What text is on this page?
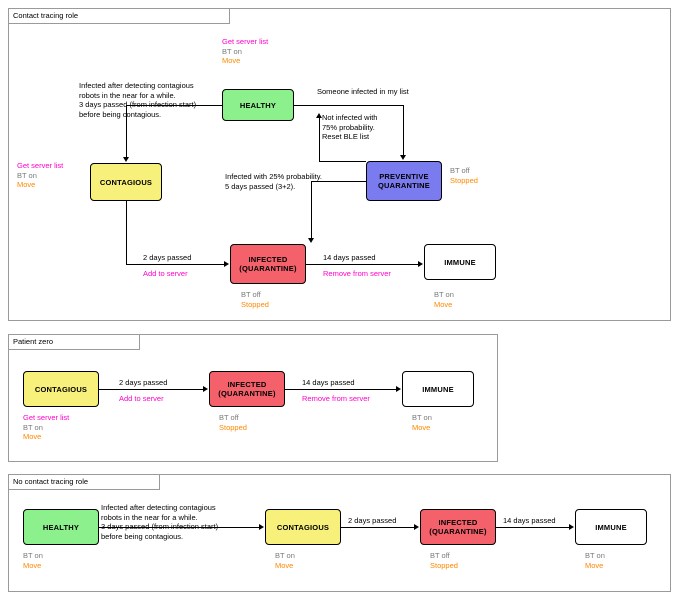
Contact tracing role
HEALTHY
Get server list
BT on
Move
CONTAGIOUS
Get server list
BT on
Move
PREVENTIVE
QUARANTINE
BT off
Stopped
INFECTED
(QUARANTINE)
BT off
Stopped
IMMUNE
BT on
Move
Infected after detecting contagious
robots in the near for a while.
3 days passed (from infection start)
before being contagious.
Someone infected in my list
Not infected with
75% probability.
Reset BLE list
Infected with 25% probability.
5 days passed (3+2).
2 days passed
Add to server
14 days passed
Remove from server
Patient zero
CONTAGIOUS
Get server list
BT on
Move
INFECTED
(QUARANTINE)
BT off
Stopped
IMMUNE
BT on
Move
2 days passed
Add to server
14 days passed
Remove from server
No contact tracing role
HEALTHY
BT on
Move
CONTAGIOUS
BT on
Move
INFECTED
(QUARANTINE)
BT off
Stopped
IMMUNE
BT on
Move
Infected after detecting contagious
robots in the near for a while.
3 days passed (from infection start)
before being contagious.
2 days passed	14 days passed
